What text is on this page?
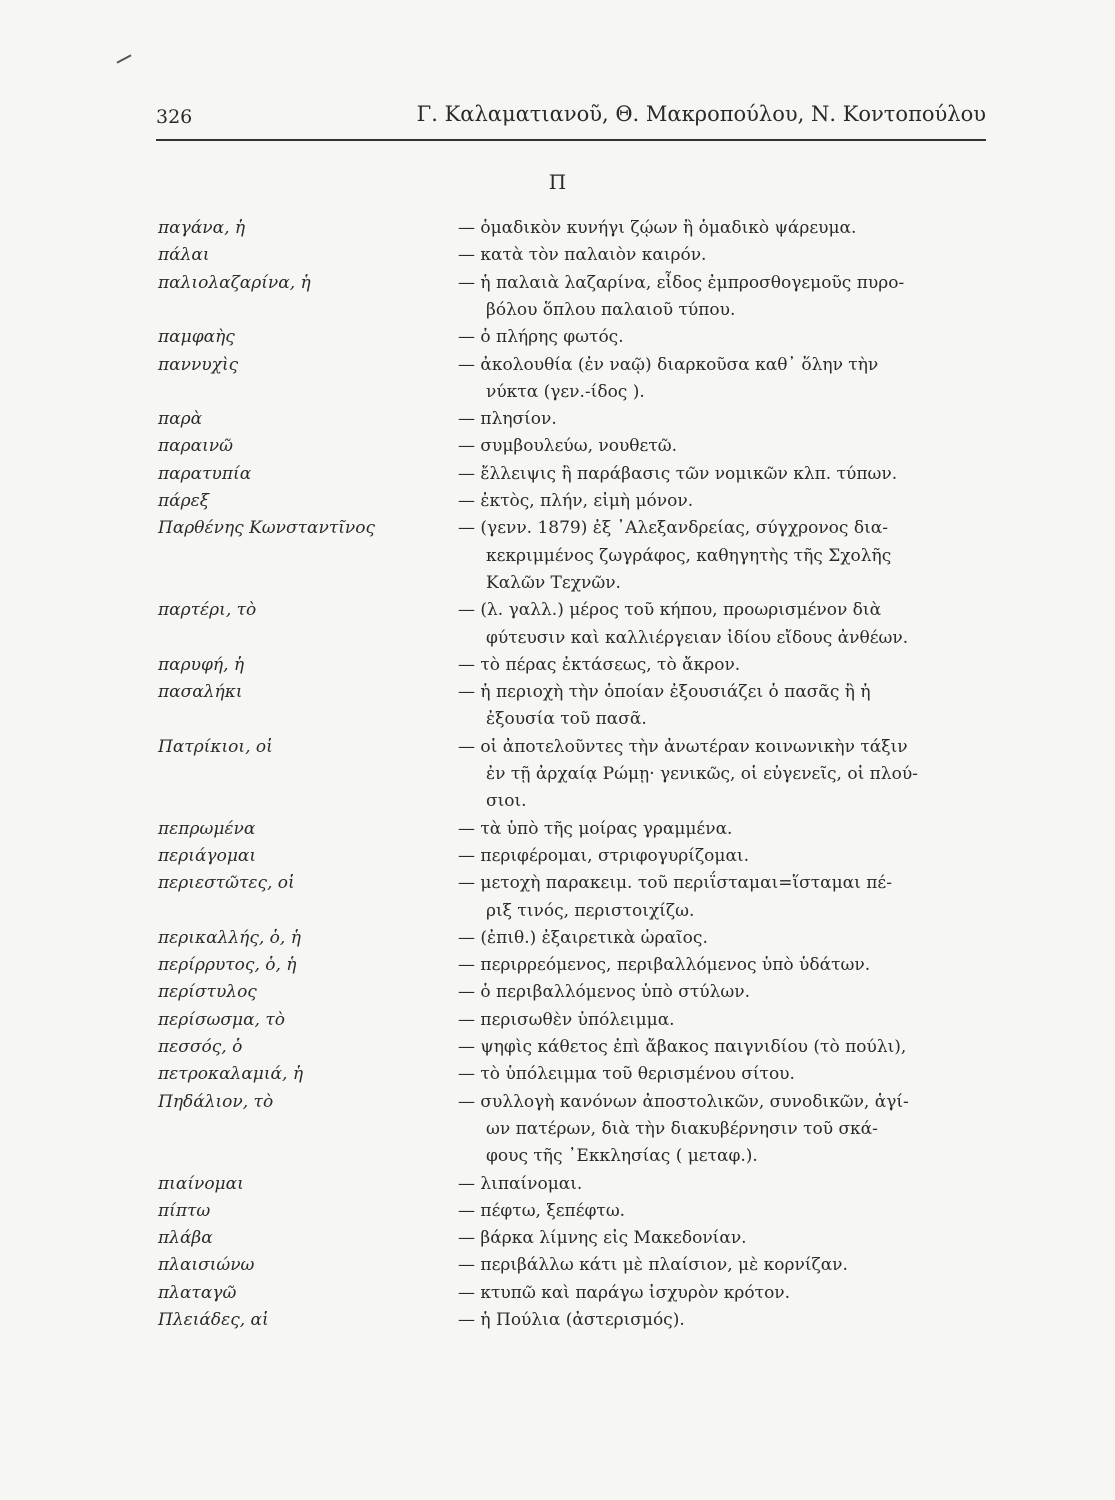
326	Γ. Καλαματιανοῦ, Θ. Μακροπούλου, Ν. Κοντοπούλου
Π
παγάνα, ἡ	— ὁμαδικὸν κυνήγι ζῴων ἢ ὁμαδικὸ ψάρευμα.
πάλαι	— κατὰ τὸν παλαιὸν καιρόν.
παλιολαζαρίνα, ἡ	— ἡ παλαιὰ λαζαρίνα, εἶδος ἐμπροσθογεμοῦς πυρο-
βόλου ὅπλου παλαιοῦ τύπου.
παμφαὴς	— ὁ πλήρης φωτός.
παννυχὶς	— ἀκολουθία (ἐν ναῷ) διαρκοῦσα καθ᾽ ὅλην τὴν
νύκτα (γεν.-ίδος ).
παρὰ	— πλησίον.
παραινῶ	— συμβουλεύω, νουθετῶ.
παρατυπία	— ἔλλειψις ἢ παράβασις τῶν νομικῶν κλπ. τύπων.
πάρεξ	— ἐκτὸς, πλήν, εἰμὴ μόνον.
Παρθένης Κωνσταντῖνος	— (γενν. 1879) ἐξ ᾽Αλεξανδρείας, σύγχρονος δια-
κεκριμμένος ζωγράφος, καθηγητὴς τῆς Σχολῆς
Καλῶν Τεχνῶν.
παρτέρι, τὸ	— (λ. γαλλ.) μέρος τοῦ κήπου, προωρισμένον διὰ
φύτευσιν καὶ καλλιέργειαν ἰδίου εἴδους ἀνθέων.
παρυφή, ἡ	— τὸ πέρας ἐκτάσεως, τὸ ἄκρον.
πασαλήκι	— ἡ περιοχὴ τὴν ὁποίαν ἐξουσιάζει ὁ πασᾶς ἢ ἡ
ἐξουσία τοῦ πασᾶ.
Πατρίκιοι, οἱ	— οἱ ἀποτελοῦντες τὴν ἀνωτέραν κοινωνικὴν τάξιν
ἐν τῇ ἀρχαίᾳ Ρώμῃ· γενικῶς, οἱ εὐγενεῖς, οἱ πλού-
σιοι.
πεπρωμένα	— τὰ ὑπὸ τῆς μοίρας γραμμένα.
περιάγομαι	— περιφέρομαι, στριφογυρίζομαι.
περιεστῶτες, οἱ	— μετοχὴ παρακειμ. τοῦ περιΐσταμαι=ἵσταμαι πέ-
ριξ τινός, περιστοιχίζω.
περικαλλής, ὁ, ἡ	— (ἐπιθ.) ἐξαιρετικὰ ὡραῖος.
περίρρυτος, ὁ, ἡ	— περιρρεόμενος, περιβαλλόμενος ὑπὸ ὑδάτων.
περίστυλος	— ὁ περιβαλλόμενος ὑπὸ στύλων.
περίσωσμα, τὸ	— περισωθὲν ὑπόλειμμα.
πεσσός, ὁ	— ψηφὶς κάθετος ἐπὶ ἄβακος παιγνιδίου (τὸ πούλι),
πετροκαλαμιά, ἡ	— τὸ ὑπόλειμμα τοῦ θερισμένου σίτου.
Πηδάλιον, τὸ	— συλλογὴ κανόνων ἀποστολικῶν, συνοδικῶν, ἁγί-
ων πατέρων, διὰ τὴν διακυβέρνησιν τοῦ σκά-
φους τῆς ᾽Εκκλησίας ( μεταφ.).
πιαίνομαι	— λιπαίνομαι.
πίπτω	— πέφτω, ξεπέφτω.
πλάβα	— βάρκα λίμνης εἰς Μακεδονίαν.
πλαισιώνω	— περιβάλλω κάτι μὲ πλαίσιον, μὲ κορνίζαν.
πλαταγῶ	— κτυπῶ καὶ παράγω ἰσχυρὸν κρότον.
Πλειάδες, αἱ	— ἡ Πούλια (ἀστερισμός).
